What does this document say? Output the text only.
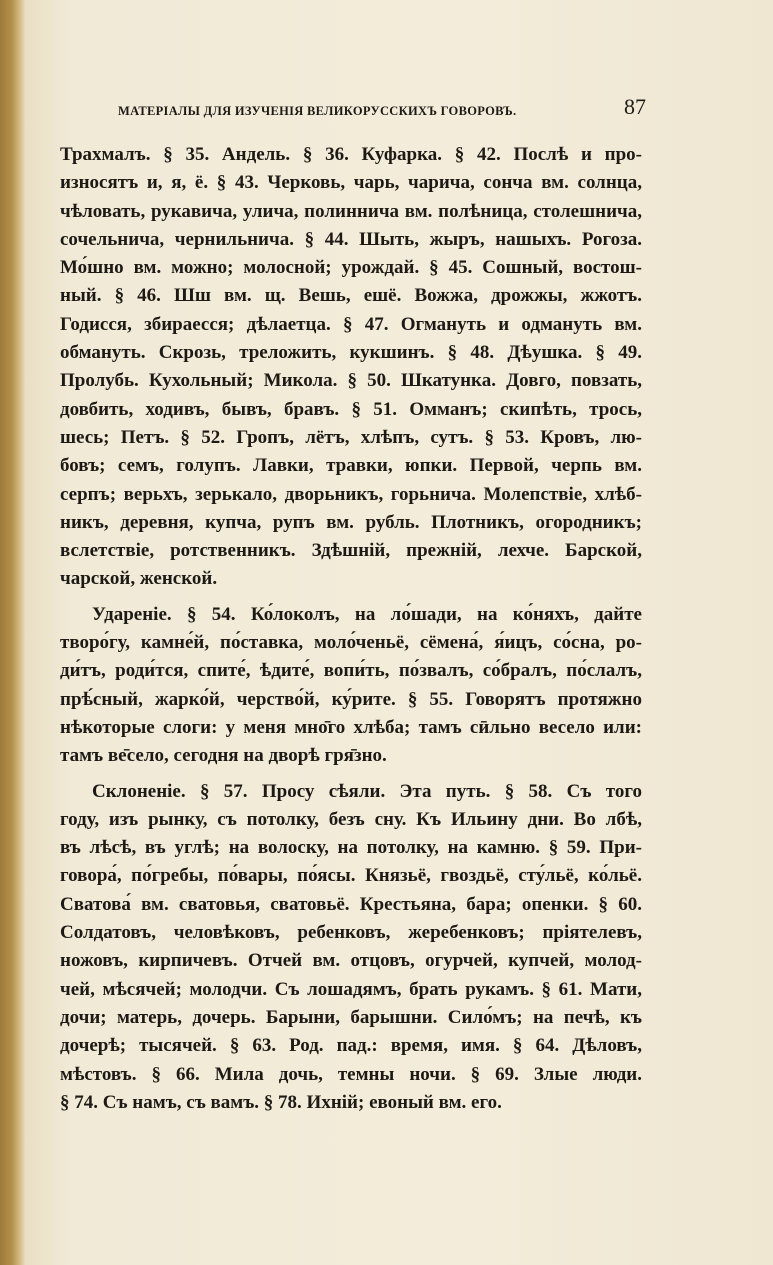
МАТЕРІАЛЫ ДЛЯ ИЗУЧЕНІЯ ВЕЛИКОРУССКИХЪ ГОВОРОВЪ.	87

Трахмалъ. § 35. Андель. § 36. Куфарка. § 42. Послѣ и про-
износятъ и, я, ё. § 43. Черковь, чарь, чарича, сонча вм. солнца,
чѣловать, рукавича, улича, полиннича вм. полѣница, столешнича,
сочельнича, чернильнича. § 44. Шыть, жыръ, нашыхъ. Рогоза.
Мо́шно вм. можно; молосной; урождай. § 45. Сошный, востош-
ный. § 46. Шш вм. щ. Вешь, ешё. Вожжа, дрожжы, жжотъ.
Годисся, збираесся; дѣлаетца. § 47. Огмануть и одмануть вм.
обмануть. Скрозь, треложить, кукшинъ. § 48. Дѣушка. § 49.
Пролубь. Кухольный; Микола. § 50. Шкатунка. Довго, повзать,
довбить, ходивъ, бывъ, бравъ. § 51. Омманъ; скипѣть, трось,
шесь; Петъ. § 52. Гропъ, лётъ, хлѣпъ, сутъ. § 53. Кровъ, лю-
бовъ; семъ, голупъ. Лавки, травки, юпки. Первой, черпь вм.
серпъ; верьхъ, зерькало, дворьникъ, горьнича. Молепствіе, хлѣб-
никъ, деревня, купча, рупъ вм. рубль. Плотникъ, огородникъ;
вслетствіе, ротственникъ. Здѣшній, прежній, лехче. Барской,
чарской, женской.

Удареніе. § 54. Ко́локолъ, на ло́шади, на ко́няхъ, дайте
творо́гу, камне́й, по́ставка, моло́ченьё, сёмена́, я́ицъ, со́сна, ро-
ди́тъ, роди́тся, спите́, ѣдите́, вопи́ть, по́звалъ, со́бралъ, по́слалъ,
прѣ́сный, жарко́й, черство́й, ку́рите. § 55. Говорятъ протяжно
нѣкоторые слоги: у меня мно̄го хлѣба; тамъ сӣльно весело или:
тамъ ве̄село, сегодня на дворѣ гря̄зно.

Склоненіе. § 57. Просу сѣяли. Эта путь. § 58. Съ того
году, изъ рынку, съ потолку, безъ сну. Къ Ильину дни. Во лбѣ,
въ лѣсѣ, въ углѣ; на волоску, на потолку, на камню. § 59. При-
говора́, по́гребы, по́вары, по́ясы. Князьё, гвоздьё, сту́льё, ко́льё.
Сватова́ вм. сватовья, сватовьё. Крестьяна, бара; опенки. § 60.
Солдатовъ, человѣковъ, ребенковъ, жеребенковъ; пріятелевъ,
ножовъ, кирпичевъ. Отчей вм. отцовъ, огурчей, купчей, молод-
чей, мѣсячей; молодчи. Съ лошадямъ, брать рукамъ. § 61. Мати,
дочи; матерь, дочерь. Барыни, барышни. Сило́мъ; на печѣ, къ
дочерѣ; тысячей. § 63. Род. пад.: время, имя. § 64. Дѣловъ,
мѣстовъ. § 66. Мила дочь, темны ночи. § 69. Злые люди.
§ 74. Съ намъ, съ вамъ. § 78. Ихній; евоный вм. его.
